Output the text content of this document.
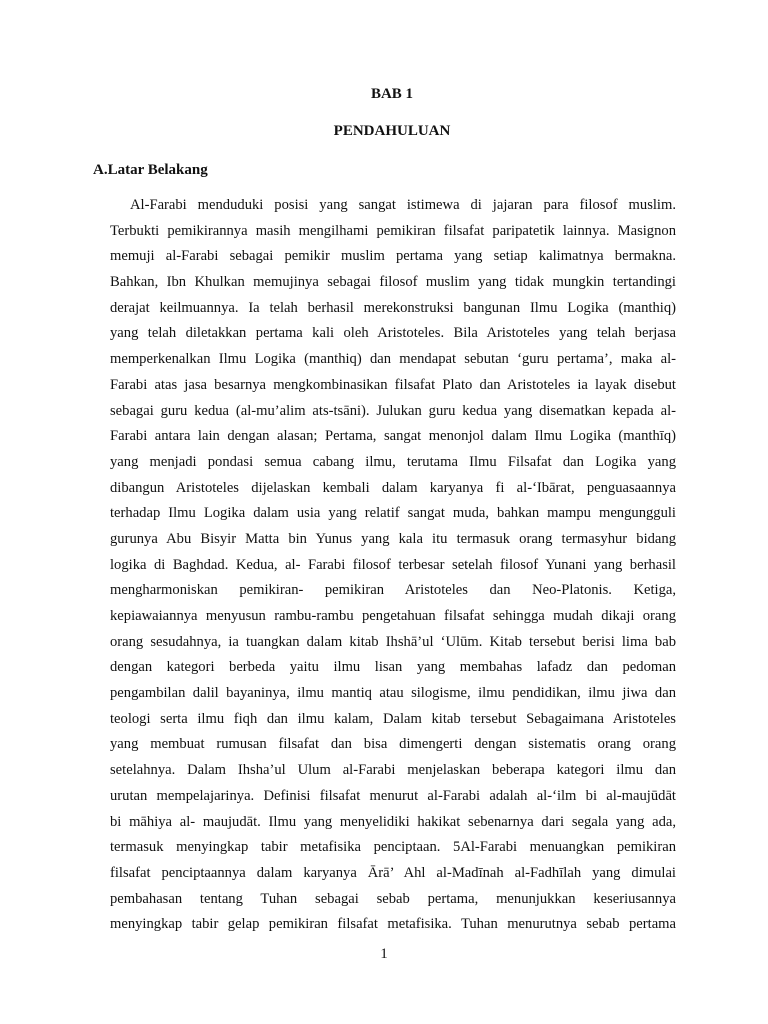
BAB 1
PENDAHULUAN
A.Latar Belakang
Al-Farabi menduduki posisi yang sangat istimewa di jajaran para filosof muslim.
Terbukti pemikirannya masih mengilhami pemikiran filsafat paripatetik lainnya. Masignon
memuji al-Farabi sebagai pemikir muslim pertama yang setiap kalimatnya bermakna.
Bahkan, Ibn Khulkan memujinya sebagai filosof muslim yang tidak mungkin tertandingi
derajat keilmuannya. Ia telah berhasil merekonstruksi bangunan Ilmu Logika (manthiq)
yang telah diletakkan pertama kali oleh Aristoteles. Bila Aristoteles yang telah berjasa
memperkenalkan Ilmu Logika (manthiq) dan mendapat sebutan ‘guru pertama’, maka al-
Farabi atas jasa besarnya mengkombinasikan filsafat Plato dan Aristoteles ia layak disebut
sebagai guru kedua (al-mu’alim ats-tsāni). Julukan guru kedua yang disematkan kepada al-
Farabi antara lain dengan alasan; Pertama, sangat menonjol dalam Ilmu Logika (manthīq)
yang menjadi pondasi semua cabang ilmu, terutama Ilmu Filsafat dan Logika yang
dibangun Aristoteles dijelaskan kembali dalam karyanya fi al-‘Ibārat, penguasaannya
terhadap Ilmu Logika dalam usia yang relatif sangat muda, bahkan mampu mengungguli
gurunya Abu Bisyir Matta bin Yunus yang kala itu termasuk orang termasyhur bidang
logika di Baghdad. Kedua, al- Farabi filosof terbesar setelah filosof Yunani yang berhasil
mengharmoniskan pemikiran- pemikiran Aristoteles dan Neo-Platonis. Ketiga,
kepiawaiannya menyusun rambu-rambu pengetahuan filsafat sehingga mudah dikaji orang
orang sesudahnya, ia tuangkan dalam kitab Ihshā’ul ‘Ulūm. Kitab tersebut berisi lima bab
dengan kategori berbeda yaitu ilmu lisan yang membahas lafadz dan pedoman
pengambilan dalil bayaninya, ilmu mantiq atau silogisme, ilmu pendidikan, ilmu jiwa dan
teologi serta ilmu fiqh dan ilmu kalam, Dalam kitab tersebut Sebagaimana Aristoteles
yang membuat rumusan filsafat dan bisa dimengerti dengan sistematis orang orang
setelahnya. Dalam Ihsha’ul Ulum al-Farabi menjelaskan beberapa kategori ilmu dan
urutan mempelajarinya. Definisi filsafat menurut al-Farabi adalah al-‘ilm bi al-maujūdāt
bi māhiya al- maujudāt. Ilmu yang menyelidiki hakikat sebenarnya dari segala yang ada,
termasuk menyingkap tabir metafisika penciptaan. 5Al-Farabi menuangkan pemikiran
filsafat penciptaannya dalam karyanya Ārā’ Ahl al-Madīnah al-Fadhīlah yang dimulai
pembahasan tentang Tuhan sebagai sebab pertama, menunjukkan keseriusannya
menyingkap tabir gelap pemikiran filsafat metafisika. Tuhan menurutnya sebab pertama
1
